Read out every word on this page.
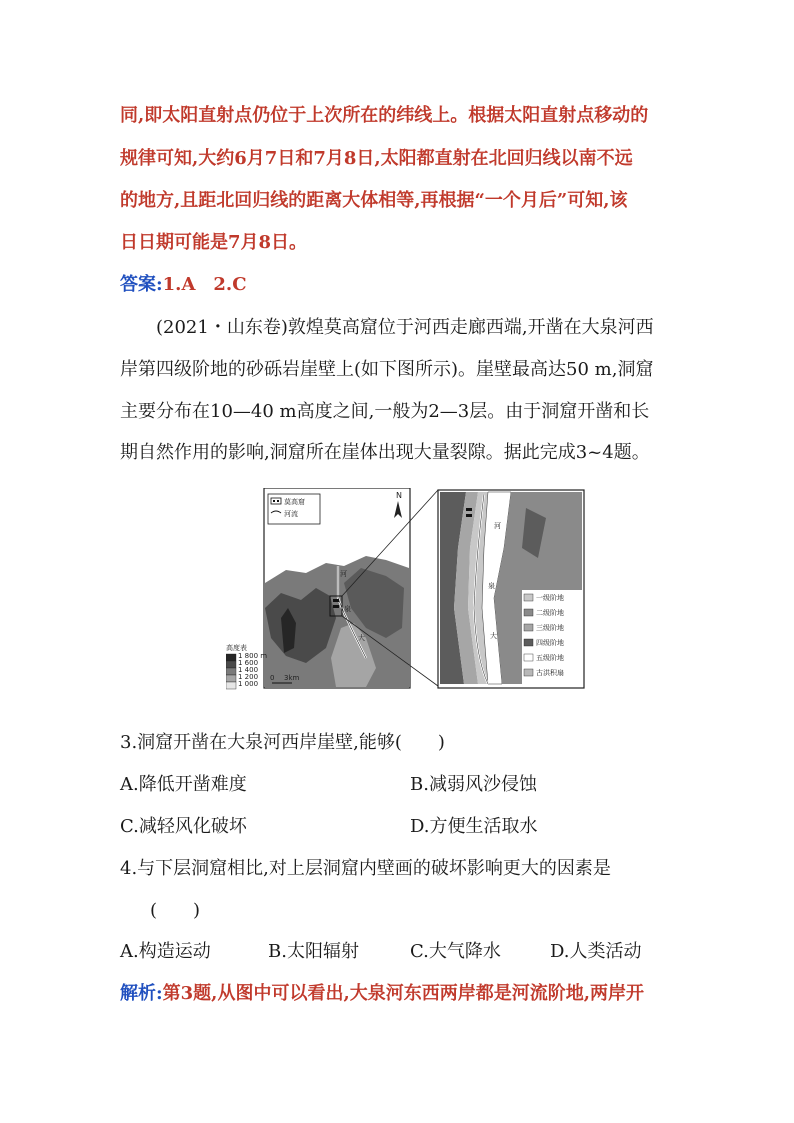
同,即太阳直射点仍位于上次所在的纬线上。根据太阳直射点移动的
规律可知,大约6月7日和7月8日,太阳都直射在北回归线以南不远
的地方,且距北回归线的距离大体相等,再根据“一个月后”可知,该
日日期可能是7月8日。
答案:1.A　2.C
(2021・山东卷)敦煌莫高窟位于河西走廊西端,开凿在大泉河西
岸第四级阶地的砂砾岩崖壁上(如下图所示)。崖壁最高达50 m,洞窟
主要分布在10—40 m高度之间,一般为2—3层。由于洞窟开凿和长
期自然作用的影响,洞窟所在崖体出现大量裂隙。据此完成3~4题。
河
泉
大
莫高窟
河流
N
0 3km
高度表
1 800 m
1 600
1 400
1 200
1 000
河
泉
大
一级阶地
二级阶地
三级阶地
四级阶地
五级阶地
古洪积扇
3.洞窟开凿在大泉河西岸崖壁,能够(　　)
A.降低开凿难度	B.减弱风沙侵蚀
C.减轻风化破坏	D.方便生活取水
4.与下层洞窟相比,对上层洞窟内壁画的破坏影响更大的因素是
(　　)
A.构造运动	B.太阳辐射	C.大气降水	D.人类活动
解析:第3题,从图中可以看出,大泉河东西两岸都是河流阶地,两岸开
